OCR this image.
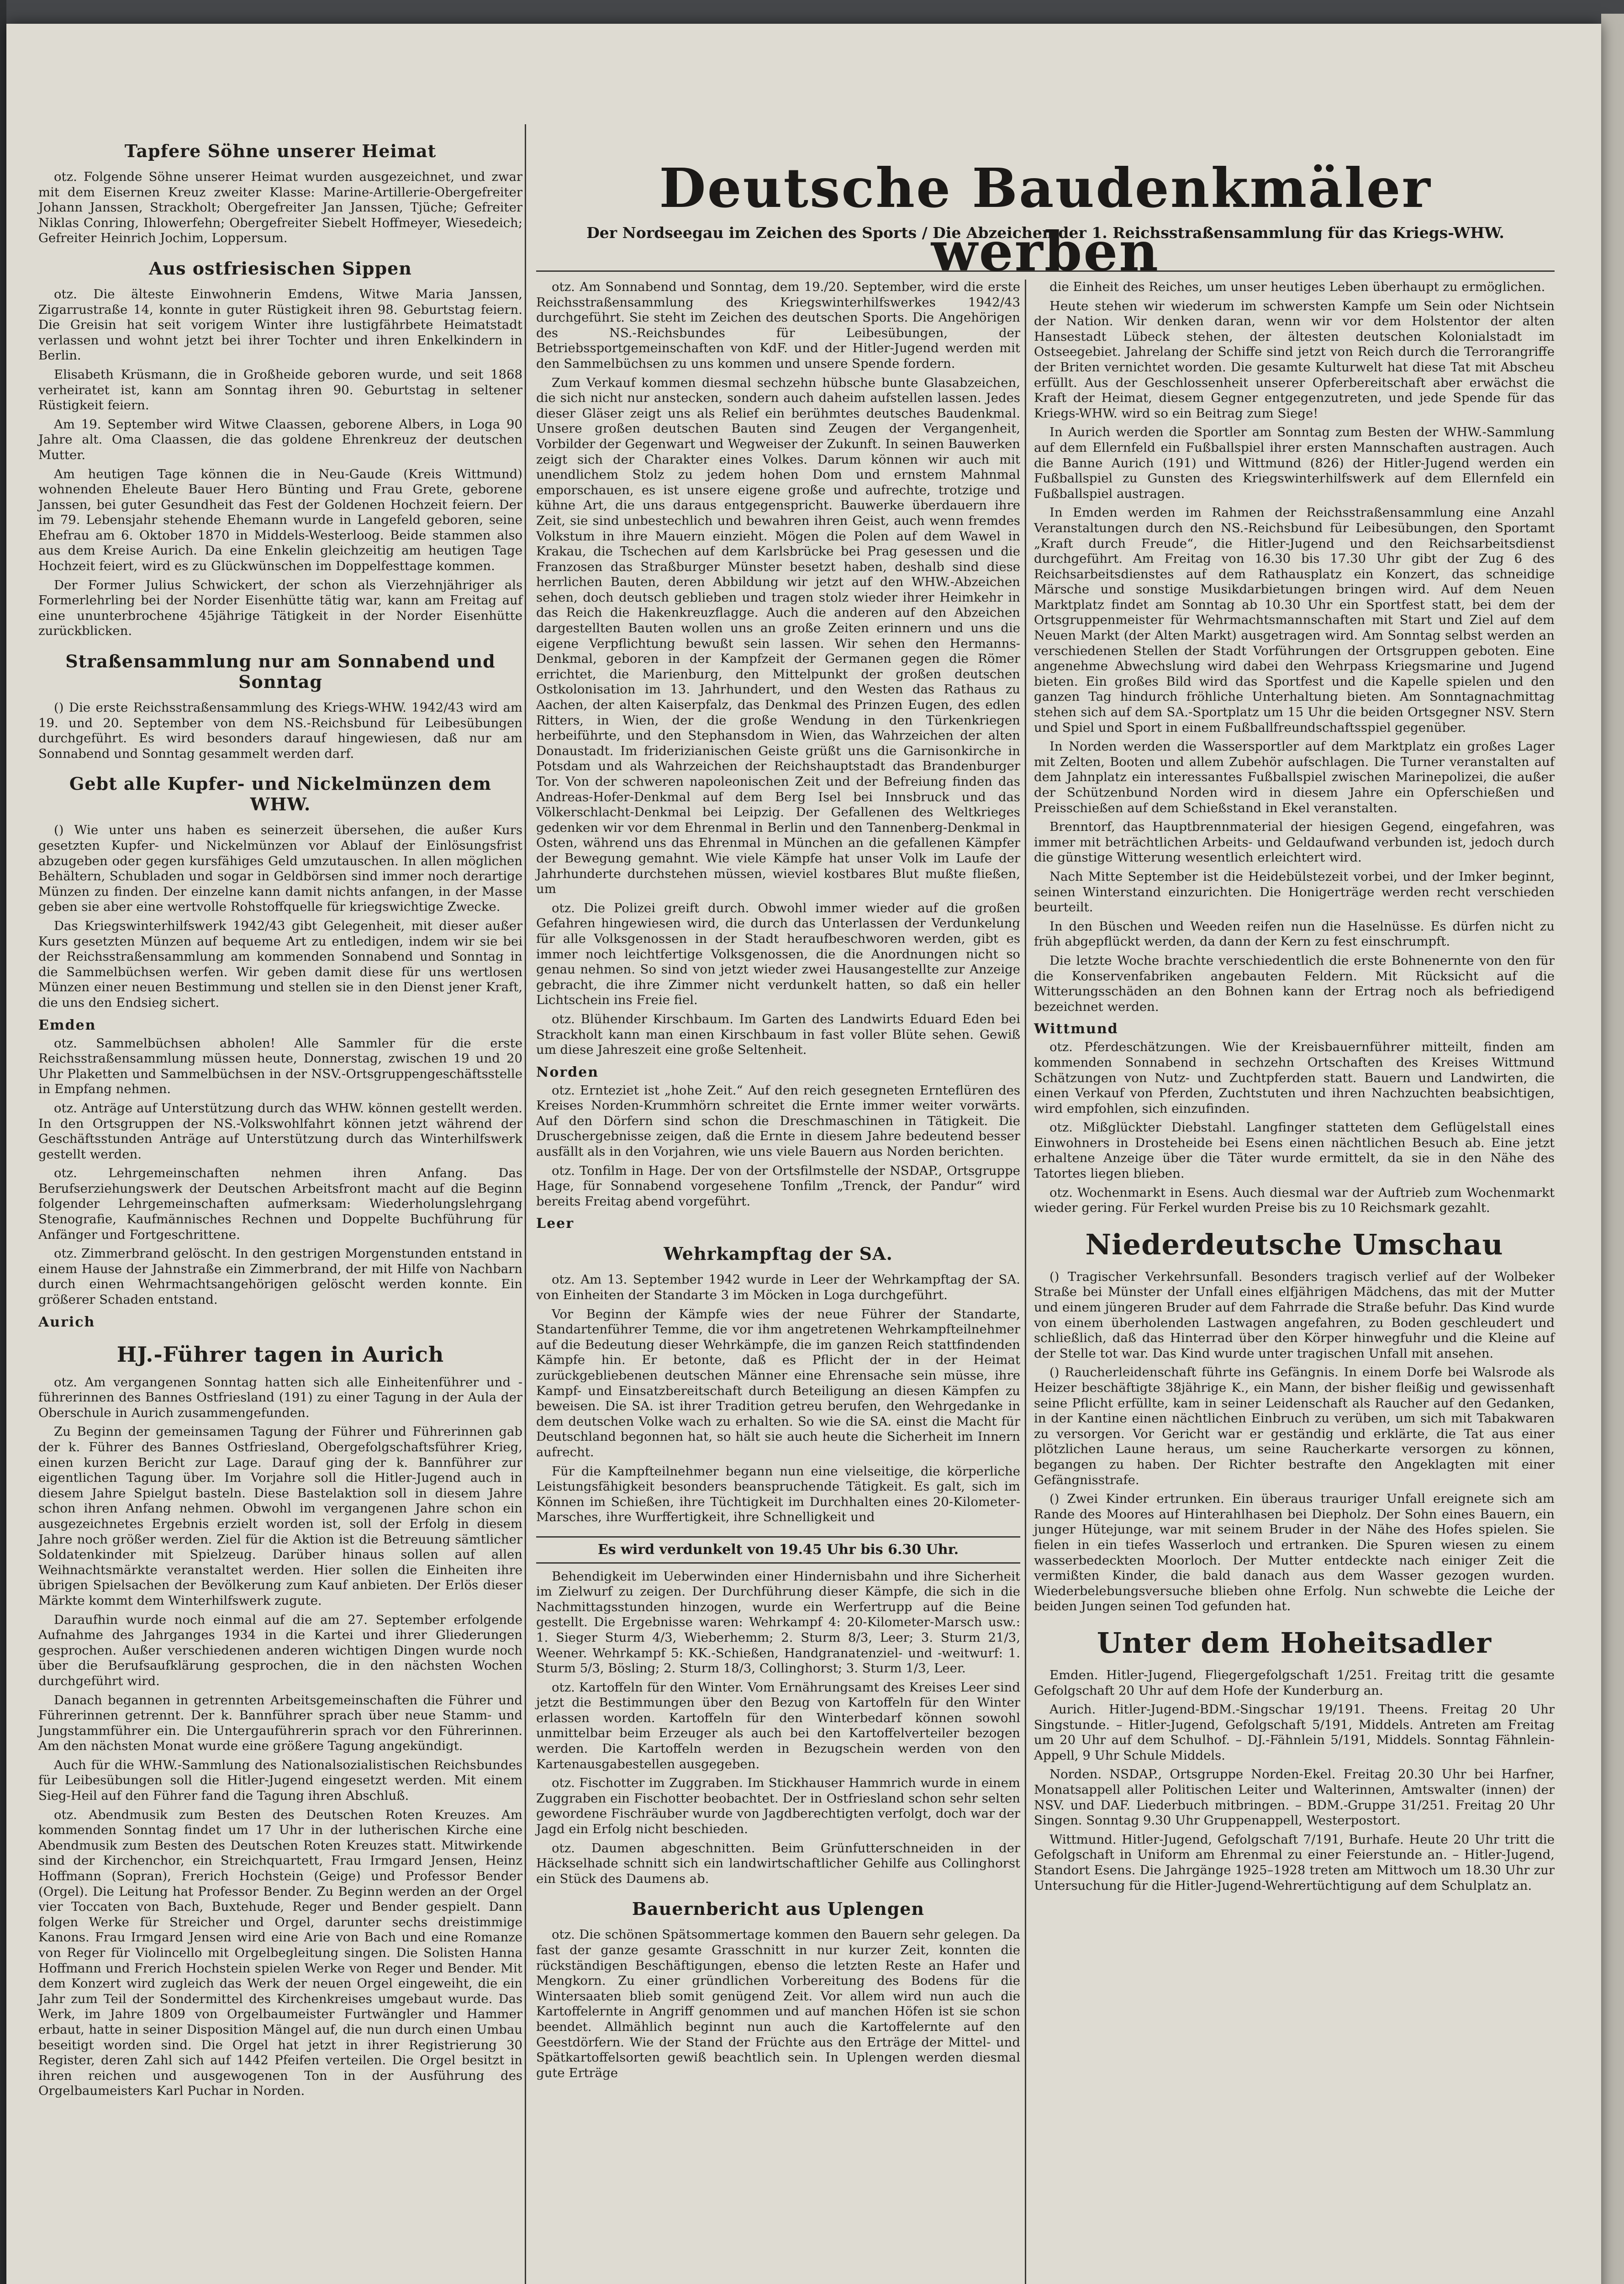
Deutsche Baudenkmäler werben
Der Nordseegau im Zeichen des Sports / Die Abzeichen der 1. Reichsstraßensammlung für das Kriegs-WHW.
Tapfere Söhne unserer Heimat

otz. Folgende Söhne unserer Heimat wurden ausgezeichnet, und zwar mit dem Eisernen Kreuz zweiter Klasse: Marine-Artillerie-Obergefreiter Johann Janssen, Strackholt; Obergefreiter Jan Janssen, Tjüche; Gefreiter Niklas Conring, Ihlowerfehn; Obergefreiter Siebelt Hoffmeyer, Wiesedeich; Gefreiter Heinrich Jochim, Loppersum.

Aus ostfriesischen Sippen

otz. Die älteste Einwohnerin Emdens, Witwe Maria Janssen, Zigarrustraße 14, konnte in guter Rüstigkeit ihren 98. Geburtstag feiern. Die Greisin hat seit vorigem Winter ihre lustigfährbete Heimatstadt verlassen und wohnt jetzt bei ihrer Tochter und ihren Enkelkindern in Berlin.

Elisabeth Krüsmann, die in Großheide geboren wurde, und seit 1868 verheiratet ist, kann am Sonntag ihren 90. Geburtstag in seltener Rüstigkeit feiern.

Am 19. September wird Witwe Claassen, geborene Albers, in Loga 90 Jahre alt. Oma Claassen, die das goldene Ehrenkreuz der deutschen Mutter.

Am heutigen Tage können die in Neu-Gaude (Kreis Wittmund) wohnenden Eheleute Bauer Hero Bünting und Frau Grete, geborene Janssen, bei guter Gesundheit das Fest der Goldenen Hochzeit feiern. Der im 79. Lebensjahr stehende Ehemann wurde in Langefeld geboren, seine Ehefrau am 6. Oktober 1870 in Middels-Westerloog. Beide stammen also aus dem Kreise Aurich. Da eine Enkelin gleichzeitig am heutigen Tage Hochzeit feiert, wird es zu Glückwünschen im Doppelfesttage kommen.

Der Former Julius Schwickert, der schon als Vierzehnjähriger als Formerlehrling bei der Norder Eisenhütte tätig war, kann am Freitag auf eine ununterbrochene 45jährige Tätigkeit in der Norder Eisenhütte zurückblicken.

Straßensammlung nur am Sonnabend und Sonntag

() Die erste Reichsstraßensammlung des Kriegs-WHW. 1942/43 wird am 19. und 20. September von dem NS.-Reichsbund für Leibesübungen durchgeführt. Es wird besonders darauf hingewiesen, daß nur am Sonnabend und Sonntag gesammelt werden darf.

Gebt alle Kupfer- und Nickelmünzen dem WHW.

() Wie unter uns haben es seinerzeit übersehen, die außer Kurs gesetzten Kupfer- und Nickelmünzen vor Ablauf der Einlösungsfrist abzugeben oder gegen kursfähiges Geld umzutauschen. In allen möglichen Behältern, Schubladen und sogar in Geldbörsen sind immer noch derartige Münzen zu finden. Der einzelne kann damit nichts anfangen, in der Masse geben sie aber eine wertvolle Rohstoffquelle für kriegswichtige Zwecke.

Das Kriegswinterhilfswerk 1942/43 gibt Gelegenheit, mit dieser außer Kurs gesetzten Münzen auf bequeme Art zu entledigen, indem wir sie bei der Reichsstraßensammlung am kommenden Sonnabend und Sonntag in die Sammelbüchsen werfen. Wir geben damit diese für uns wertlosen Münzen einer neuen Bestimmung und stellen sie in den Dienst jener Kraft, die uns den Endsieg sichert.

Emden

otz. Sammelbüchsen abholen! Alle Sammler für die erste Reichsstraßensammlung müssen heute, Donnerstag, zwischen 19 und 20 Uhr Plaketten und Sammelbüchsen in der NSV.-Ortsgruppengeschäftsstelle in Empfang nehmen.

otz. Anträge auf Unterstützung durch das WHW. können gestellt werden. In den Ortsgruppen der NS.-Volkswohlfahrt können jetzt während der Geschäftsstunden Anträge auf Unterstützung durch das Winterhilfswerk gestellt werden.

otz. Lehrgemeinschaften nehmen ihren Anfang. Das Berufserziehungswerk der Deutschen Arbeitsfront macht auf die Beginn folgender Lehrgemeinschaften aufmerksam: Wiederholungslehrgang Stenografie, Kaufmännisches Rechnen und Doppelte Buchführung für Anfänger und Fortgeschrittene.

otz. Zimmerbrand gelöscht. In den gestrigen Morgenstunden entstand in einem Hause der Jahnstraße ein Zimmerbrand, der mit Hilfe von Nachbarn durch einen Wehrmachtsangehörigen gelöscht werden konnte. Ein größerer Schaden entstand.

Aurich
HJ.-Führer tagen in Aurich

otz. Am vergangenen Sonntag hatten sich alle Einheitenführer und -führerinnen des Bannes Ostfriesland (191) zu einer Tagung in der Aula der Oberschule in Aurich zusammengefunden.

Zu Beginn der gemeinsamen Tagung der Führer und Führerinnen gab der k. Führer des Bannes Ostfriesland, Obergefolgschaftsführer Krieg, einen kurzen Bericht zur Lage. Darauf ging der k. Bannführer zur eigentlichen Tagung über. Im Vorjahre soll die Hitler-Jugend auch in diesem Jahre Spielgut basteln. Diese Bastelaktion soll in diesem Jahre schon ihren Anfang nehmen. Obwohl im vergangenen Jahre schon ein ausgezeichnetes Ergebnis erzielt worden ist, soll der Erfolg in diesem Jahre noch größer werden. Ziel für die Aktion ist die Betreuung sämtlicher Soldatenkinder mit Spielzeug. Darüber hinaus sollen auf allen Weihnachtsmärkte veranstaltet werden. Hier sollen die Einheiten ihre übrigen Spielsachen der Bevölkerung zum Kauf anbieten. Der Erlös dieser Märkte kommt dem Winterhilfswerk zugute.

Daraufhin wurde noch einmal auf die am 27. September erfolgende Aufnahme des Jahrganges 1934 in die Kartei und ihrer Gliederungen gesprochen. Außer verschiedenen anderen wichtigen Dingen wurde noch über die Berufsaufklärung gesprochen, die in den nächsten Wochen durchgeführt wird.

Danach begannen in getrennten Arbeitsgemeinschaften die Führer und Führerinnen getrennt. Der k. Bannführer sprach über neue Stamm- und Jungstammführer ein. Die Untergauführerin sprach vor den Führerinnen. Am den nächsten Monat wurde eine größere Tagung angekündigt.

Auch für die WHW.-Sammlung des Nationalsozialistischen Reichsbundes für Leibesübungen soll die Hitler-Jugend eingesetzt werden. Mit einem Sieg-Heil auf den Führer fand die Tagung ihren Abschluß.

otz. Abendmusik zum Besten des Deutschen Roten Kreuzes. Am kommenden Sonntag findet um 17 Uhr in der lutherischen Kirche eine Abendmusik zum Besten des Deutschen Roten Kreuzes statt. Mitwirkende sind der Kirchenchor, ein Streichquartett, Frau Irmgard Jensen, Heinz Hoffmann (Sopran), Frerich Hochstein (Geige) und Professor Bender (Orgel). Die Leitung hat Professor Bender. Zu Beginn werden an der Orgel vier Toccaten von Bach, Buxtehude, Reger und Bender gespielt. Dann folgen Werke für Streicher und Orgel, darunter sechs dreistimmige Kanons. Frau Irmgard Jensen wird eine Arie von Bach und eine Romanze von Reger für Violincello mit Orgelbegleitung singen. Die Solisten Hanna Hoffmann und Frerich Hochstein spielen Werke von Reger und Bender. Mit dem Konzert wird zugleich das Werk der neuen Orgel eingeweiht, die ein Jahr zum Teil der Sondermittel des Kirchenkreises umgebaut wurde. Das Werk, im Jahre 1809 von Orgelbaumeister Furtwängler und Hammer erbaut, hatte in seiner Disposition Mängel auf, die nun durch einen Umbau beseitigt worden sind. Die Orgel hat jetzt in ihrer Registrierung 30 Register, deren Zahl sich auf 1442 Pfeifen verteilen. Die Orgel besitzt in ihren reichen und ausgewogenen Ton in der Ausführung des Orgelbaumeisters Karl Puchar in Norden.

otz. Am Sonnabend und Sonntag, dem 19./20. September, wird die erste Reichsstraßensammlung des Kriegswinterhilfswerkes 1942/43 durchgeführt. Sie steht im Zeichen des deutschen Sports. Die Angehörigen des NS.-Reichsbundes für Leibesübungen, der Betriebssportgemeinschaften von KdF. und der Hitler-Jugend werden mit den Sammelbüchsen zu uns kommen und unsere Spende fordern.

Zum Verkauf kommen diesmal sechzehn hübsche bunte Glasabzeichen, die sich nicht nur anstecken, sondern auch daheim aufstellen lassen. Jedes dieser Gläser zeigt uns als Relief ein berühmtes deutsches Baudenkmal. Unsere großen deutschen Bauten sind Zeugen der Vergangenheit, Vorbilder der Gegenwart und Wegweiser der Zukunft. In seinen Bauwerken zeigt sich der Charakter eines Volkes. Darum können wir auch mit unendlichem Stolz zu jedem hohen Dom und ernstem Mahnmal emporschauen, es ist unsere eigene große und aufrechte, trotzige und kühne Art, die uns daraus entgegenspricht. Bauwerke überdauern ihre Zeit, sie sind unbestechlich und bewahren ihren Geist, auch wenn fremdes Volkstum in ihre Mauern einzieht. Mögen die Polen auf dem Wawel in Krakau, die Tschechen auf dem Karlsbrücke bei Prag gesessen und die Franzosen das Straßburger Münster besetzt haben, deshalb sind diese herrlichen Bauten, deren Abbildung wir jetzt auf den WHW.-Abzeichen sehen, doch deutsch geblieben und tragen stolz wieder ihrer Heimkehr in das Reich die Hakenkreuzflagge. Auch die anderen auf den Abzeichen dargestellten Bauten wollen uns an große Zeiten erinnern und uns die eigene Verpflichtung bewußt sein lassen. Wir sehen den Hermanns-Denkmal, geboren in der Kampfzeit der Germanen gegen die Römer errichtet, die Marienburg, den Mittelpunkt der großen deutschen Ostkolonisation im 13. Jahrhundert, und den Westen das Rathaus zu Aachen, der alten Kaiserpfalz, das Denkmal des Prinzen Eugen, des edlen Ritters, in Wien, der die große Wendung in den Türkenkriegen herbeiführte, und den Stephansdom in Wien, das Wahrzeichen der alten Donaustadt. Im friderizianischen Geiste grüßt uns die Garnisonkirche in Potsdam und als Wahrzeichen der Reichshauptstadt das Brandenburger Tor. Von der schweren napoleonischen Zeit und der Befreiung finden das Andreas-Hofer-Denkmal auf dem Berg Isel bei Innsbruck und das Völkerschlacht-Denkmal bei Leipzig. Der Gefallenen des Weltkrieges gedenken wir vor dem Ehrenmal in Berlin und den Tannenberg-Denkmal in Osten, während uns das Ehrenmal in München an die gefallenen Kämpfer der Bewegung gemahnt. Wie viele Kämpfe hat unser Volk im Laufe der Jahrhunderte durchstehen müssen, wieviel kostbares Blut mußte fließen, um

otz. Die Polizei greift durch. Obwohl immer wieder auf die großen Gefahren hingewiesen wird, die durch das Unterlassen der Verdunkelung für alle Volksgenossen in der Stadt heraufbeschworen werden, gibt es immer noch leichtfertige Volksgenossen, die die Anordnungen nicht so genau nehmen. So sind von jetzt wieder zwei Hausangestellte zur Anzeige gebracht, die ihre Zimmer nicht verdunkelt hatten, so daß ein heller Lichtschein ins Freie fiel.

otz. Blühender Kirschbaum. Im Garten des Landwirts Eduard Eden bei Strackholt kann man einen Kirschbaum in fast voller Blüte sehen. Gewiß um diese Jahreszeit eine große Seltenheit.

Norden

otz. Ernteziet ist „hohe Zeit.“ Auf den reich gesegneten Ernteflüren des Kreises Norden-Krummhörn schreitet die Ernte immer weiter vorwärts. Auf den Dörfern sind schon die Dreschmaschinen in Tätigkeit. Die Druschergebnisse zeigen, daß die Ernte in diesem Jahre bedeutend besser ausfällt als in den Vorjahren, wie uns viele Bauern aus Norden berichten.

otz. Tonfilm in Hage. Der von der Ortsfilmstelle der NSDAP., Ortsgruppe Hage, für Sonnabend vorgesehene Tonfilm „Trenck, der Pandur“ wird bereits Freitag abend vorgeführt.

Leer
Wehrkampftag der SA.

otz. Am 13. September 1942 wurde in Leer der Wehrkampftag der SA. von Einheiten der Standarte 3 im Möcken in Loga durchgeführt.

Vor Beginn der Kämpfe wies der neue Führer der Standarte, Standartenführer Temme, die vor ihm angetretenen Wehrkampfteilnehmer auf die Bedeutung dieser Wehrkämpfe, die im ganzen Reich stattfindenden Kämpfe hin. Er betonte, daß es Pflicht der in der Heimat zurückgebliebenen deutschen Männer eine Ehrensache sein müsse, ihre Kampf- und Einsatzbereitschaft durch Beteiligung an diesen Kämpfen zu beweisen. Die SA. ist ihrer Tradition getreu berufen, den Wehrgedanke in dem deutschen Volke wach zu erhalten. So wie die SA. einst die Macht für Deutschland begonnen hat, so hält sie auch heute die Sicherheit im Innern aufrecht.

Für die Kampfteilnehmer begann nun eine vielseitige, die körperliche Leistungsfähigkeit besonders beanspruchende Tätigkeit. Es galt, sich im Können im Schießen, ihre Tüchtigkeit im Durchhalten eines 20-Kilometer-Marsches, ihre Wurffertigkeit, ihre Schnelligkeit und

Es wird verdunkelt von 19.45 Uhr bis 6.30 Uhr.

Behendigkeit im Ueberwinden einer Hindernisbahn und ihre Sicherheit im Zielwurf zu zeigen. Der Durchführung dieser Kämpfe, die sich in die Nachmittagsstunden hinzogen, wurde ein Werfertrupp auf die Beine gestellt. Die Ergebnisse waren: Wehrkampf 4: 20-Kilometer-Marsch usw.: 1. Sieger Sturm 4/3, Wieberhemm; 2. Sturm 8/3, Leer; 3. Sturm 21/3, Weener. Wehrkampf 5: KK.-Schießen, Handgranatenziel- und -weitwurf: 1. Sturm 5/3, Bösling; 2. Sturm 18/3, Collinghorst; 3. Sturm 1/3, Leer.

otz. Kartoffeln für den Winter. Vom Ernährungsamt des Kreises Leer sind jetzt die Bestimmungen über den Bezug von Kartoffeln für den Winter erlassen worden. Kartoffeln für den Winterbedarf können sowohl unmittelbar beim Erzeuger als auch bei den Kartoffelverteiler bezogen werden. Die Kartoffeln werden in Bezugschein werden von den Kartenausgabestellen ausgegeben.

otz. Fischotter im Zuggraben. Im Stickhauser Hammrich wurde in einem Zuggraben ein Fischotter beobachtet. Der in Ostfriesland schon sehr selten gewordene Fischräuber wurde von Jagdberechtigten verfolgt, doch war der Jagd ein Erfolg nicht beschieden.

otz. Daumen abgeschnitten. Beim Grünfutterschneiden in der Häckselhade schnitt sich ein landwirtschaftlicher Gehilfe aus Collinghorst ein Stück des Daumens ab.

Bauernbericht aus Uplengen

otz. Die schönen Spätsommertage kommen den Bauern sehr gelegen. Da fast der ganze gesamte Grasschnitt in nur kurzer Zeit, konnten die rückständigen Beschäftigungen, ebenso die letzten Reste an Hafer und Mengkorn. Zu einer gründlichen Vorbereitung des Bodens für die Wintersaaten blieb somit genügend Zeit. Vor allem wird nun auch die Kartoffelernte in Angriff genommen und auf manchen Höfen ist sie schon beendet. Allmählich beginnt nun auch die Kartoffelernte auf den Geestdörfern. Wie der Stand der Früchte aus den Erträge der Mittel- und Spätkartoffelsorten gewiß beachtlich sein. In Uplengen werden diesmal gute Erträge

die Einheit des Reiches, um unser heutiges Leben überhaupt zu ermöglichen.

Heute stehen wir wiederum im schwersten Kampfe um Sein oder Nichtsein der Nation. Wir denken daran, wenn wir vor dem Holstentor der alten Hansestadt Lübeck stehen, der ältesten deutschen Kolonialstadt im Ostseegebiet. Jahrelang der Schiffe sind jetzt von Reich durch die Terrorangriffe der Briten vernichtet worden. Die gesamte Kulturwelt hat diese Tat mit Abscheu erfüllt. Aus der Geschlossenheit unserer Opferbereitschaft aber erwächst die Kraft der Heimat, diesem Gegner entgegenzutreten, und jede Spende für das Kriegs-WHW. wird so ein Beitrag zum Siege!

In Aurich werden die Sportler am Sonntag zum Besten der WHW.-Sammlung auf dem Ellernfeld ein Fußballspiel ihrer ersten Mannschaften austragen. Auch die Banne Aurich (191) und Wittmund (826) der Hitler-Jugend werden ein Fußballspiel zu Gunsten des Kriegswinterhilfswerk auf dem Ellernfeld ein Fußballspiel austragen.

In Emden werden im Rahmen der Reichsstraßensammlung eine Anzahl Veranstaltungen durch den NS.-Reichsbund für Leibesübungen, den Sportamt „Kraft durch Freude“, die Hitler-Jugend und den Reichsarbeitsdienst durchgeführt. Am Freitag von 16.30 bis 17.30 Uhr gibt der Zug 6 des Reichsarbeitsdienstes auf dem Rathausplatz ein Konzert, das schneidige Märsche und sonstige Musikdarbietungen bringen wird. Auf dem Neuen Marktplatz findet am Sonntag ab 10.30 Uhr ein Sportfest statt, bei dem der Ortsgruppenmeister für Wehrmachtsmannschaften mit Start und Ziel auf dem Neuen Markt (der Alten Markt) ausgetragen wird. Am Sonntag selbst werden an verschiedenen Stellen der Stadt Vorführungen der Ortsgruppen geboten. Eine angenehme Abwechslung wird dabei den Wehrpass Kriegsmarine und Jugend bieten. Ein großes Bild wird das Sportfest und die Kapelle spielen und den ganzen Tag hindurch fröhliche Unterhaltung bieten. Am Sonntagnachmittag stehen sich auf dem SA.-Sportplatz um 15 Uhr die beiden Ortsgegner NSV. Stern und Spiel und Sport in einem Fußballfreundschaftsspiel gegenüber.

In Norden werden die Wassersportler auf dem Marktplatz ein großes Lager mit Zelten, Booten und allem Zubehör aufschlagen. Die Turner veranstalten auf dem Jahnplatz ein interessantes Fußballspiel zwischen Marinepolizei, die außer der Schützenbund Norden wird in diesem Jahre ein Opferschießen und Preisschießen auf dem Schießstand in Ekel veranstalten.

Brenntorf, das Hauptbrennmaterial der hiesigen Gegend, eingefahren, was immer mit beträchtlichen Arbeits- und Geldaufwand verbunden ist, jedoch durch die günstige Witterung wesentlich erleichtert wird.

Nach Mitte September ist die Heidebülstezeit vorbei, und der Imker beginnt, seinen Winterstand einzurichten. Die Honigerträge werden recht verschieden beurteilt.

In den Büschen und Weeden reifen nun die Haselnüsse. Es dürfen nicht zu früh abgepflückt werden, da dann der Kern zu fest einschrumpft.

Die letzte Woche brachte verschiedentlich die erste Bohnenernte von den für die Konservenfabriken angebauten Feldern. Mit Rücksicht auf die Witterungsschäden an den Bohnen kann der Ertrag noch als befriedigend bezeichnet werden.

Wittmund

otz. Pferdeschätzungen. Wie der Kreisbauernführer mitteilt, finden am kommenden Sonnabend in sechzehn Ortschaften des Kreises Wittmund Schätzungen von Nutz- und Zuchtpferden statt. Bauern und Landwirten, die einen Verkauf von Pferden, Zuchtstuten und ihren Nachzuchten beabsichtigen, wird empfohlen, sich einzufinden.

otz. Mißglückter Diebstahl. Langfinger statteten dem Geflügelstall eines Einwohners in Drosteheide bei Esens einen nächtlichen Besuch ab. Eine jetzt erhaltene Anzeige über die Täter wurde ermittelt, da sie in den Nähe des Tatortes liegen blieben.

otz. Wochenmarkt in Esens. Auch diesmal war der Auftrieb zum Wochenmarkt wieder gering. Für Ferkel wurden Preise bis zu 10 Reichsmark gezahlt.

Niederdeutsche Umschau

() Tragischer Verkehrsunfall. Besonders tragisch verlief auf der Wolbeker Straße bei Münster der Unfall eines elfjährigen Mädchens, das mit der Mutter und einem jüngeren Bruder auf dem Fahrrade die Straße befuhr. Das Kind wurde von einem überholenden Lastwagen angefahren, zu Boden geschleudert und schließlich, daß das Hinterrad über den Körper hinwegfuhr und die Kleine auf der Stelle tot war. Das Kind wurde unter tragischen Unfall mit ansehen.

() Raucherleidenschaft führte ins Gefängnis. In einem Dorfe bei Walsrode als Heizer beschäftigte 38jährige K., ein Mann, der bisher fleißig und gewissenhaft seine Pflicht erfüllte, kam in seiner Leidenschaft als Raucher auf den Gedanken, in der Kantine einen nächtlichen Einbruch zu verüben, um sich mit Tabakwaren zu versorgen. Vor Gericht war er geständig und erklärte, die Tat aus einer plötzlichen Laune heraus, um seine Raucherkarte versorgen zu können, begangen zu haben. Der Richter bestrafte den Angeklagten mit einer Gefängnisstrafe.

() Zwei Kinder ertrunken. Ein überaus trauriger Unfall ereignete sich am Rande des Moores auf Hinterahlhasen bei Diepholz. Der Sohn eines Bauern, ein junger Hütejunge, war mit seinem Bruder in der Nähe des Hofes spielen. Sie fielen in ein tiefes Wasserloch und ertranken. Die Spuren wiesen zu einem wasserbedeckten Moorloch. Der Mutter entdeckte nach einiger Zeit die vermißten Kinder, die bald danach aus dem Wasser gezogen wurden. Wiederbelebungsversuche blieben ohne Erfolg. Nun schwebte die Leiche der beiden Jungen seinen Tod gefunden hat.

Unter dem Hoheitsadler

Emden. Hitler-Jugend, Fliegergefolgschaft 1/251. Freitag tritt die gesamte Gefolgschaft 20 Uhr auf dem Hofe der Kunderburg an.

Aurich. Hitler-Jugend-BDM.-Singschar 19/191. Theens. Freitag 20 Uhr Singstunde. – Hitler-Jugend, Gefolgschaft 5/191, Middels. Antreten am Freitag um 20 Uhr auf dem Schulhof. – DJ.-Fähnlein 5/191, Middels. Sonntag Fähnlein-Appell, 9 Uhr Schule Middels.

Norden. NSDAP., Ortsgruppe Norden-Ekel. Freitag 20.30 Uhr bei Harfner, Monatsappell aller Politischen Leiter und Walterinnen, Amtswalter (innen) der NSV. und DAF. Liederbuch mitbringen. – BDM.-Gruppe 31/251. Freitag 20 Uhr Singen. Sonntag 9.30 Uhr Gruppenappell, Westerpostort.

Wittmund. Hitler-Jugend, Gefolgschaft 7/191, Burhafe. Heute 20 Uhr tritt die Gefolgschaft in Uniform am Ehrenmal zu einer Feierstunde an. – Hitler-Jugend, Standort Esens. Die Jahrgänge 1925–1928 treten am Mittwoch um 18.30 Uhr zur Untersuchung für die Hitler-Jugend-Wehrertüchtigung auf dem Schulplatz an.
